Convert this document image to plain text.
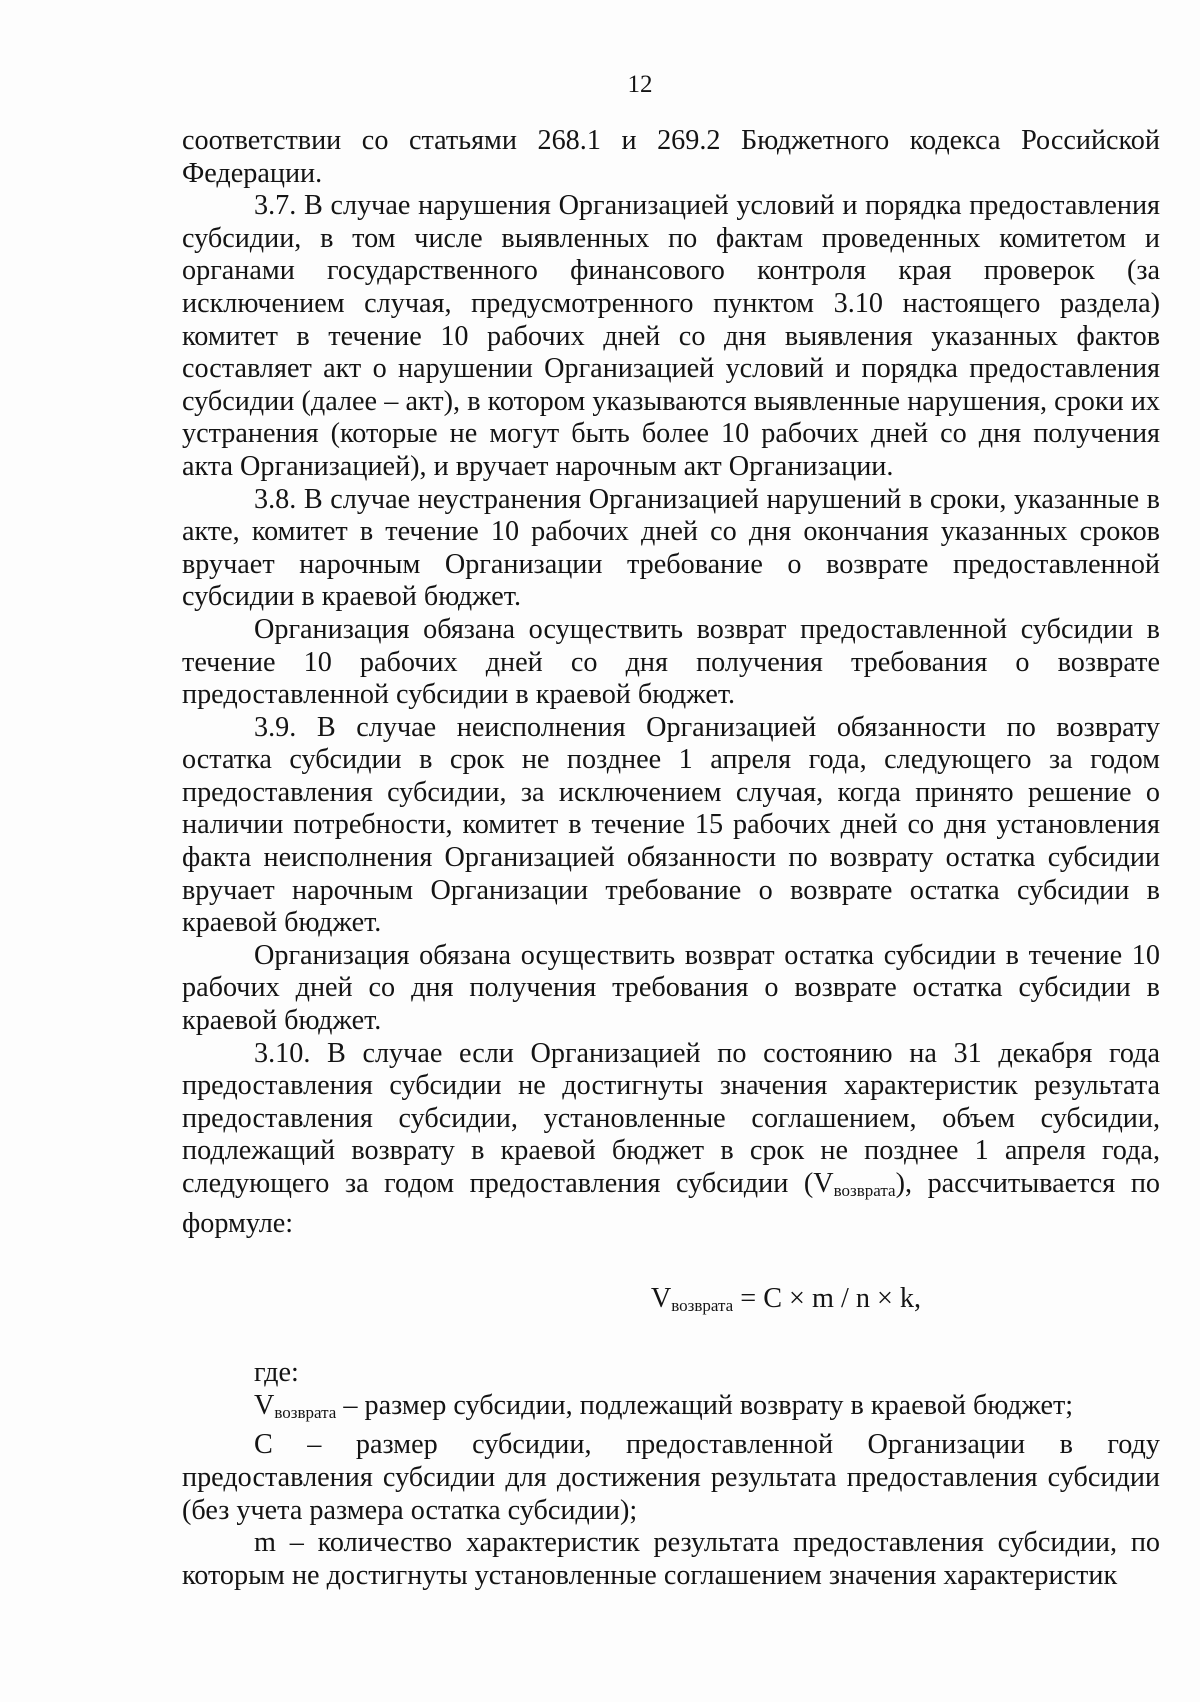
12

соответствии со статьями 268.1 и 269.2 Бюджетного кодекса Российской Федерации.

3.7. В случае нарушения Организацией условий и порядка предоставления субсидии, в том числе выявленных по фактам проведенных комитетом и органами государственного финансового контроля края проверок (за исключением случая, предусмотренного пунктом 3.10 настоящего раздела) комитет в течение 10 рабочих дней со дня выявления указанных фактов составляет акт о нарушении Организацией условий и порядка предоставления субсидии (далее – акт), в котором указываются выявленные нарушения, сроки их устранения (которые не могут быть более 10 рабочих дней со дня получения акта Организацией), и вручает нарочным акт Организации.

3.8. В случае неустранения Организацией нарушений в сроки, указанные в акте, комитет в течение 10 рабочих дней со дня окончания указанных сроков вручает нарочным Организации требование о возврате предоставленной субсидии в краевой бюджет.

Организация обязана осуществить возврат предоставленной субсидии в течение 10 рабочих дней со дня получения требования о возврате предоставленной субсидии в краевой бюджет.

3.9. В случае неисполнения Организацией обязанности по возврату остатка субсидии в срок не позднее 1 апреля года, следующего за годом предоставления субсидии, за исключением случая, когда принято решение о наличии потребности, комитет в течение 15 рабочих дней со дня установления факта неисполнения Организацией обязанности по возврату остатка субсидии вручает нарочным Организации требование о возврате остатка субсидии в краевой бюджет.

Организация обязана осуществить возврат остатка субсидии в течение 10 рабочих дней со дня получения требования о возврате остатка субсидии в краевой бюджет.

3.10. В случае если Организацией по состоянию на 31 декабря года предоставления субсидии не достигнуты значения характеристик результата предоставления субсидии, установленные соглашением, объем субсидии, подлежащий возврату в краевой бюджет в срок не позднее 1 апреля года, следующего за годом предоставления субсидии $(V_{возврата})$, рассчитывается по формуле:

$V_{возврата} = C \times m / n \times k$,

где:

$V_{возврата}$ – размер субсидии, подлежащий возврату в краевой бюджет;

C – размер субсидии, предоставленной Организации в году предоставления субсидии для достижения результата предоставления субсидии (без учета размера остатка субсидии);

m – количество характеристик результата предоставления субсидии, по которым не достигнуты установленные соглашением значения характеристик
